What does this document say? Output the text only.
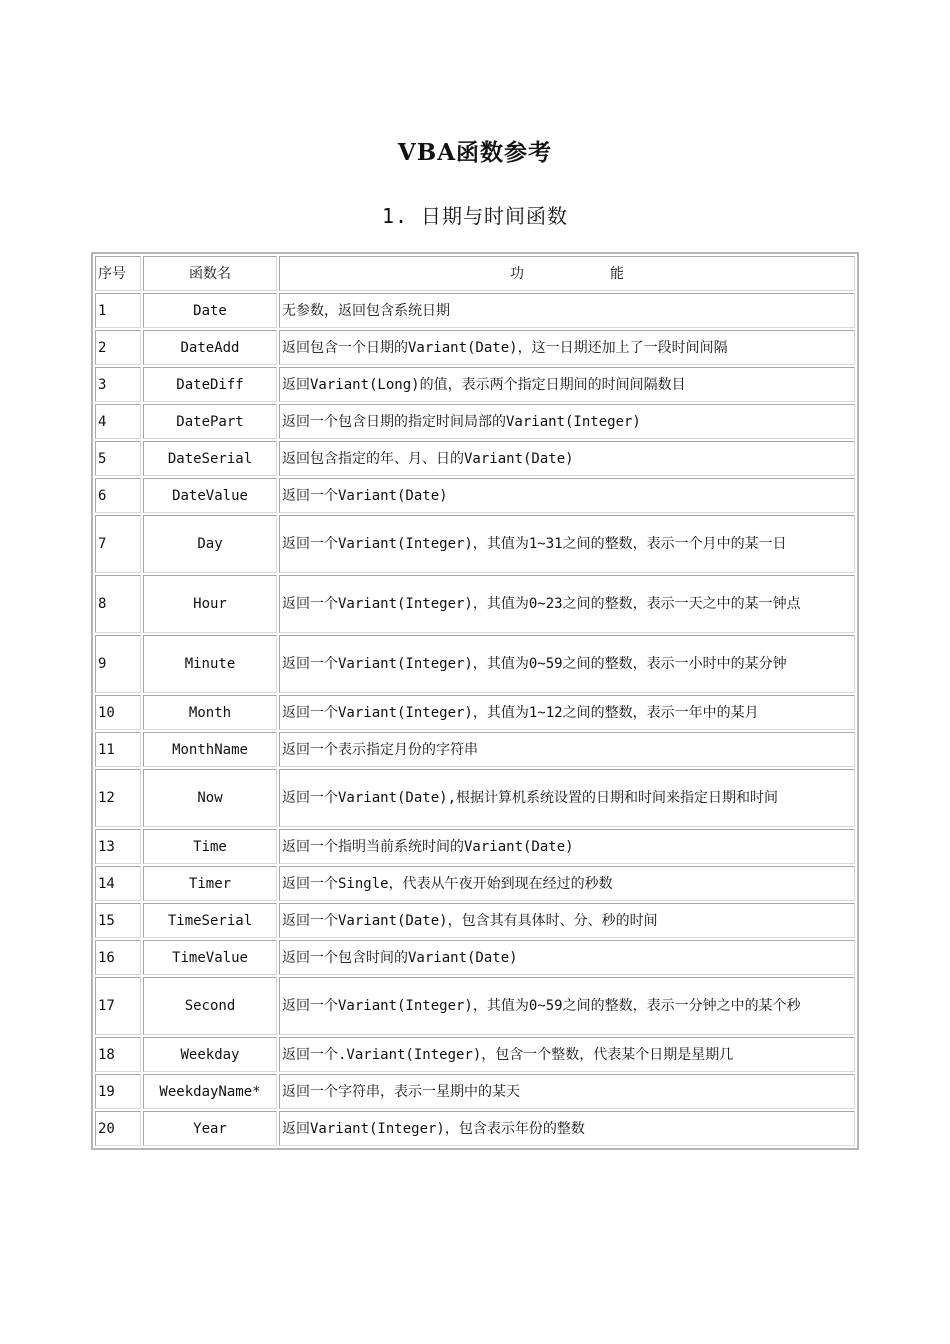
VBA函数参考
1. 日期与时间函数
序号	函数名	功 能
1	Date	无参数，返回包含系统日期
2	DateAdd	返回包含一个日期的Variant(Date)，这一日期还加上了一段时间间隔
3	DateDiff	返回Variant(Long)的值，表示两个指定日期间的时间间隔数目
4	DatePart	返回一个包含日期的指定时间局部的Variant(Integer)
5	DateSerial	返回包含指定的年、月、日的Variant(Date)
6	DateValue	返回一个Variant(Date)
7	Day	返回一个Variant(Integer)，其值为1~31之间的整数，表示一个月中的某一日
8	Hour	返回一个Variant(Integer)，其值为0~23之间的整数，表示一天之中的某一钟点
9	Minute	返回一个Variant(Integer)，其值为0~59之间的整数，表示一小时中的某分钟
10	Month	返回一个Variant(Integer)，其值为1~12之间的整数，表示一年中的某月
11	MonthName	返回一个表示指定月份的字符串
12	Now	返回一个Variant(Date),根据计算机系统设置的日期和时间来指定日期和时间
13	Time	返回一个指明当前系统时间的Variant(Date)
14	Timer	返回一个Single，代表从午夜开始到现在经过的秒数
15	TimeSerial	返回一个Variant(Date)，包含其有具体时、分、秒的时间
16	TimeValue	返回一个包含时间的Variant(Date)
17	Second	返回一个Variant(Integer)，其值为0~59之间的整数，表示一分钟之中的某个秒
18	Weekday	返回一个.Variant(Integer)，包含一个整数，代表某个日期是星期几
19	WeekdayName*	返回一个字符串，表示一星期中的某天
20	Year	返回Variant(Integer)，包含表示年份的整数
